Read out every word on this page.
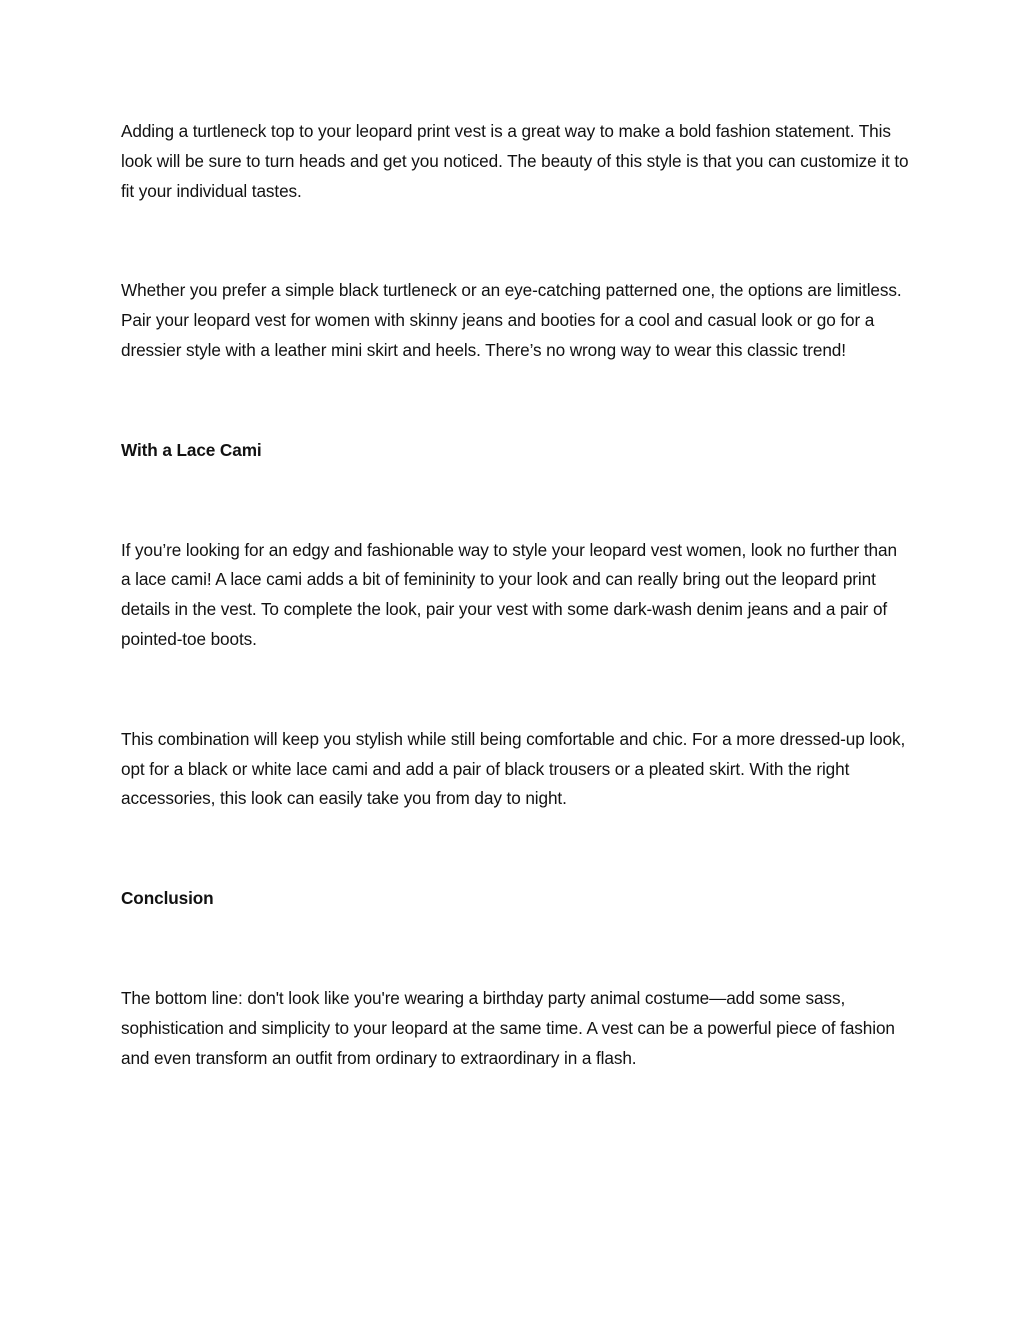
Adding a turtleneck top to your leopard print vest is a great way to make a bold fashion statement. This look will be sure to turn heads and get you noticed. The beauty of this style is that you can customize it to fit your individual tastes.

Whether you prefer a simple black turtleneck or an eye-catching patterned one, the options are limitless. Pair your leopard vest for women with skinny jeans and booties for a cool and casual look or go for a dressier style with a leather mini skirt and heels. There’s no wrong way to wear this classic trend!

With a Lace Cami

If you’re looking for an edgy and fashionable way to style your leopard vest women, look no further than a lace cami! A lace cami adds a bit of femininity to your look and can really bring out the leopard print details in the vest. To complete the look, pair your vest with some dark-wash denim jeans and a pair of pointed-toe boots.

This combination will keep you stylish while still being comfortable and chic. For a more dressed-up look, opt for a black or white lace cami and add a pair of black trousers or a pleated skirt. With the right accessories, this look can easily take you from day to night.

Conclusion

The bottom line: don't look like you're wearing a birthday party animal costume—add some sass, sophistication and simplicity to your leopard at the same time. A vest can be a powerful piece of fashion and even transform an outfit from ordinary to extraordinary in a flash.
